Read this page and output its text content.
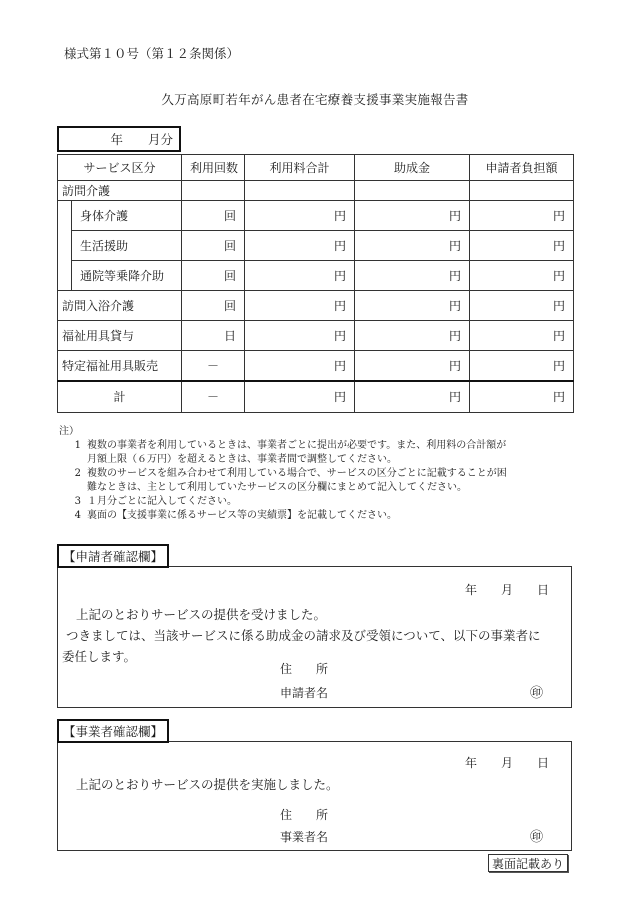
様式第１０号（第１２条関係）
久万高原町若年がん患者在宅療養支援事業実施報告書
年　　月分
サービス区分		利用回数	利用料合計	助成金	申請者負担額
訪問介護					
	身体介護	回	円	円	円
	生活援助	回	円	円	円
	通院等乗降介助	回	円	円	円
訪問入浴介護		回	円	円	円
福祉用具貸与		日	円	円	円
特定福祉用具販売		－	円	円	円
計		－	円	円	円
注）
1 複数の事業者を利用しているときは、事業者ごとに提出が必要です。また、利用料の合計額が
月額上限（６万円）を超えるときは、事業者間で調整してください。
2 複数のサービスを組み合わせて利用している場合で、サービスの区分ごとに記載することが困
難なときは、主として利用していたサービスの区分欄にまとめて記入してください。
3 １月分ごとに記入してください。
4 裏面の【支援事業に係るサービス等の実績票】を記載してください。
【申請者確認欄】
年　　月　　日
上記のとおりサービスの提供を受けました。
つきましては、当該サービスに係る助成金の請求及び受領について、以下の事業者に
委任します。
住　　所
申請者名	㊞
【事業者確認欄】
年　　月　　日
上記のとおりサービスの提供を実施しました。
住　　所
事業者名	㊞
裏面記載あり
